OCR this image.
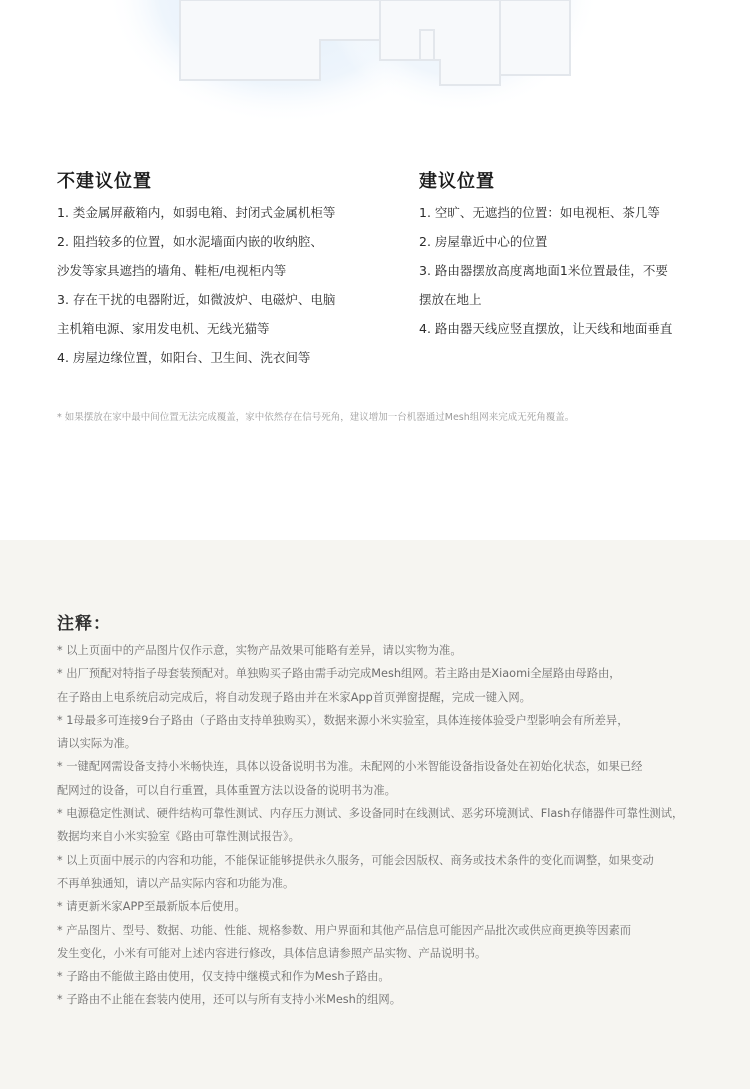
不建议位置
1. 类金属屏蔽箱内，如弱电箱、封闭式金属机柜等
2. 阻挡较多的位置，如水泥墙面内嵌的收纳腔、
沙发等家具遮挡的墙角、鞋柜/电视柜内等
3. 存在干扰的电器附近，如微波炉、电磁炉、电脑
主机箱电源、家用发电机、无线光猫等
4. 房屋边缘位置，如阳台、卫生间、洗衣间等
建议位置
1. 空旷、无遮挡的位置：如电视柜、茶几等
2. 房屋靠近中心的位置
3. 路由器摆放高度离地面1米位置最佳，不要
摆放在地上
4. 路由器天线应竖直摆放，让天线和地面垂直

* 如果摆放在家中最中间位置无法完成覆盖，家中依然存在信号死角，建议增加一台机器通过Mesh组网来完成无死角覆盖。

注释：
* 以上页面中的产品图片仅作示意，实物产品效果可能略有差异，请以实物为准。
* 出厂预配对特指子母套装预配对。单独购买子路由需手动完成Mesh组网。若主路由是Xiaomi全屋路由母路由，
在子路由上电系统启动完成后，将自动发现子路由并在米家App首页弹窗提醒，完成一键入网。
* 1母最多可连接9台子路由（子路由支持单独购买），数据来源小米实验室，具体连接体验受户型影响会有所差异，
请以实际为准。
* 一键配网需设备支持小米畅快连，具体以设备说明书为准。未配网的小米智能设备指设备处在初始化状态，如果已经
配网过的设备，可以自行重置，具体重置方法以设备的说明书为准。
* 电源稳定性测试、硬件结构可靠性测试、内存压力测试、多设备同时在线测试、恶劣环境测试、Flash存储器件可靠性测试，
数据均来自小米实验室《路由可靠性测试报告》。
* 以上页面中展示的内容和功能，不能保证能够提供永久服务，可能会因版权、商务或技术条件的变化而调整，如果变动
不再单独通知，请以产品实际内容和功能为准。
* 请更新米家APP至最新版本后使用。
* 产品图片、型号、数据、功能、性能、规格参数、用户界面和其他产品信息可能因产品批次或供应商更换等因素而
发生变化，小米有可能对上述内容进行修改，具体信息请参照产品实物、产品说明书。
* 子路由不能做主路由使用，仅支持中继模式和作为Mesh子路由。
* 子路由不止能在套装内使用，还可以与所有支持小米Mesh的组网。
